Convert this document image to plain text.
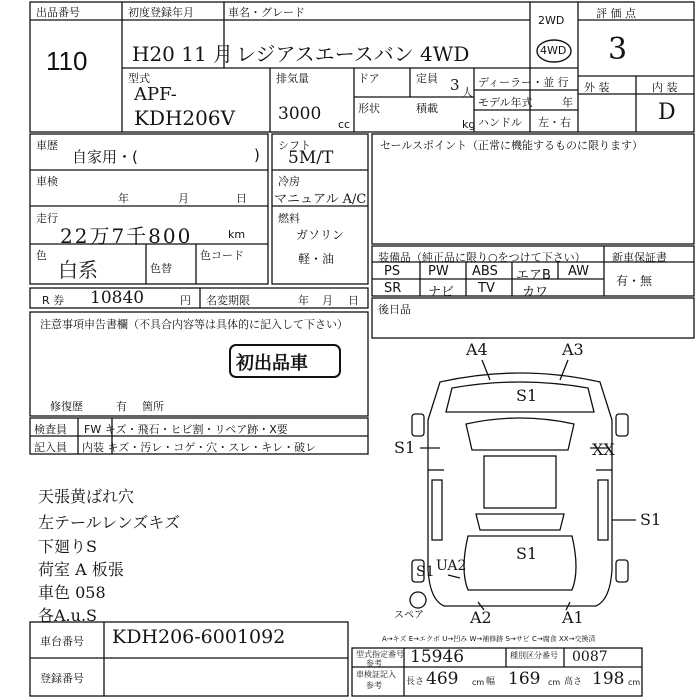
出品番号
110
初度登録年月
H20 11 月
車名・グレード
レジアスエースバン 4WD
2WD
4WD
評 価 点
3
外 装	内 装
D
型式
APF-
KDH206V
排気量
3000
cc
ドア	定員 3 人
形状	積載
kg
ディーラー・並 行
モデル年式	年
ハンドル 左・右
車歴
自家用・(	)
車検
年	月	日
走行
22万7千800	km
色
白系	色替
色コード
R 券 10840	円 名変期限	年 月 日
シフト
5M/T
冷房
マニュアル A/C
燃料
ガソリン
軽・油
セールスポイント（正常に機能するものに限ります）
装備品（純正品に限り○をつけて下さい）
PS PW ABS エアB AW
SR ナビ TV カワ
新車保証書
有・無
後日品
注意事項申告書欄（不具合内容等は具体的に記入して下さい）
初出品車
修復歴	有 箇所
検査員 FW キズ・飛石・ヒビ割・リペア跡・X要
記入員 内装 キズ・汚レ・コゲ・穴・スレ・キレ・破レ
天張黄ばれ穴
左テールレンズキズ
下廻りS
荷室 A 板張
車色 058
各A.u.S
A4	A3
S1
S1	XX
S1
S1
S1 UA2
A2	A1
スペア
A→キズ E→エクボ U→凹み W→補修跡 S→サビ C→腐食 XX→交換済
車台番号 KDH206-6001092
登録番号
型式指定番号
参考 15946	種別区分番号 0087
車検証記入
参考	長さ 469 cm 幅 169 cm 高さ 198 cm
